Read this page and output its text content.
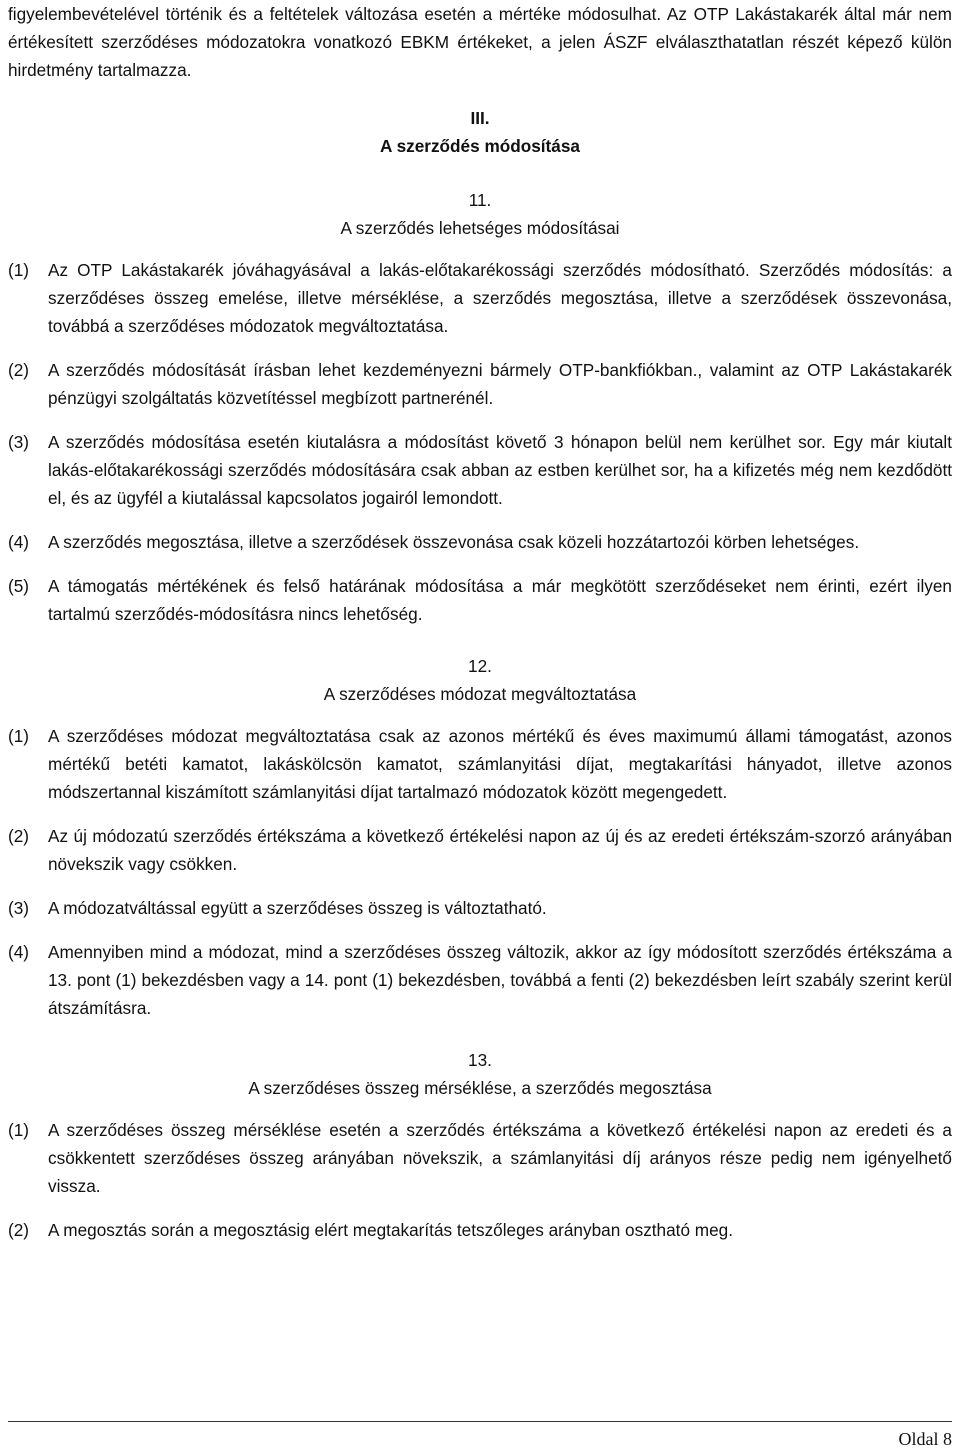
figyelembevételével történik és a feltételek változása esetén a mértéke módosulhat. Az OTP Lakástakarék által már nem értékesített szerződéses módozatokra vonatkozó EBKM értékeket, a jelen ÁSZF elválaszthatatlan részét képező külön hirdetmény tartalmazza.

III.

A szerződés módosítása

11.

A szerződés lehetséges módosításai

(1)	Az OTP Lakástakarék jóváhagyásával a lakás-előtakarékossági szerződés módosítható. Szerződés módosítás: a szerződéses összeg emelése, illetve mérséklése, a szerződés megosztása, illetve a szerződések összevonása, továbbá a szerződéses módozatok megváltoztatása.
(2)	A szerződés módosítását írásban lehet kezdeményezni bármely OTP-bankfiókban., valamint az OTP Lakástakarék pénzügyi szolgáltatás közvetítéssel megbízott partnerénél.
(3)	A szerződés módosítása esetén kiutalásra a módosítást követő 3 hónapon belül nem kerülhet sor. Egy már kiutalt lakás-előtakarékossági szerződés módosítására csak abban az estben kerülhet sor, ha a kifizetés még nem kezdődött el, és az ügyfél a kiutalással kapcsolatos jogairól lemondott.
(4)	A szerződés megosztása, illetve a szerződések összevonása csak közeli hozzátartozói körben lehetséges.
(5)	A támogatás mértékének és felső határának módosítása a már megkötött szerződéseket nem érinti, ezért ilyen tartalmú szerződés-módosításra nincs lehetőség.

12.

A szerződéses módozat megváltoztatása

(1)	A szerződéses módozat megváltoztatása csak az azonos mértékű és éves maximumú állami támogatást, azonos mértékű betéti kamatot, lakáskölcsön kamatot, számlanyitási díjat, megtakarítási hányadot, illetve azonos módszertannal kiszámított számlanyitási díjat tartalmazó módozatok között megengedett.
(2)	Az új módozatú szerződés értékszáma a következő értékelési napon az új és az eredeti értékszám-szorzó arányában növekszik vagy csökken.
(3)	A módozatváltással együtt a szerződéses összeg is változtatható.
(4)	Amennyiben mind a módozat, mind a szerződéses összeg változik, akkor az így módosított szerződés értékszáma a 13. pont (1) bekezdésben vagy a 14. pont (1) bekezdésben, továbbá a fenti (2) bekezdésben leírt szabály szerint kerül átszámításra.

13.

A szerződéses összeg mérséklése, a szerződés megosztása

(1)	A szerződéses összeg mérséklése esetén a szerződés értékszáma a következő értékelési napon az eredeti és a csökkentett szerződéses összeg arányában növekszik, a számlanyitási díj arányos része pedig nem igényelhető vissza.
(2)	A megosztás során a megosztásig elért megtakarítás tetszőleges arányban osztható meg.
Oldal 8
